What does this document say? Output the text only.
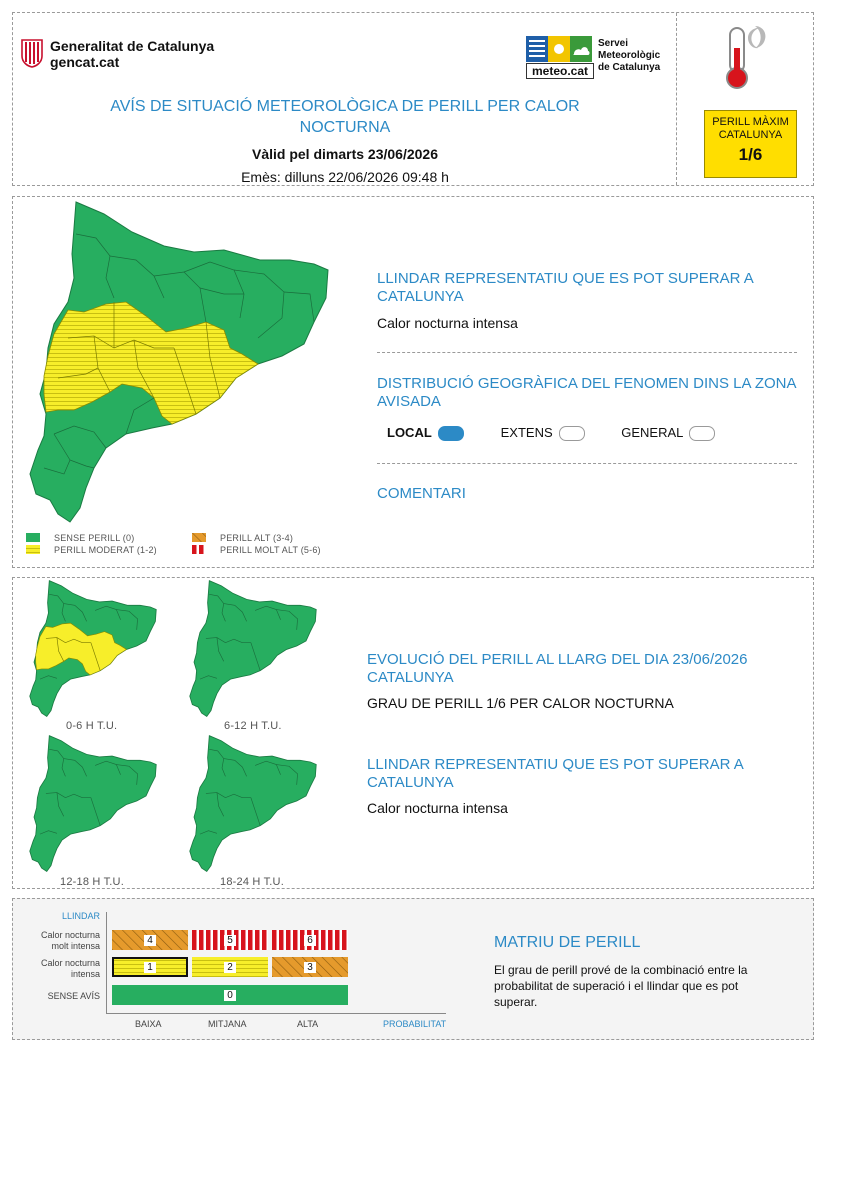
Generalitat de Catalunya
gencat.cat
meteo.cat
Servei
Meteorològic
de Catalunya
AVÍS DE SITUACIÓ METEOROLÒGICA DE PERILL PER CALOR
NOCTURNA
Vàlid pel dimarts 23/06/2026
Emès: dilluns 22/06/2026 09:48 h
PERILL MÀXIM
CATALUNYA
1/6
SENSE PERILL (0)
PERILL MODERAT (1-2)
PERILL ALT (3-4)
PERILL MOLT ALT (5-6)
LLINDAR REPRESENTATIU QUE ES POT SUPERAR A CATALUNYA
Calor nocturna intensa
DISTRIBUCIÓ GEOGRÀFICA DEL FENOMEN DINS LA ZONA AVISADA
LOCAL	EXTENS	GENERAL
COMENTARI
0-6 H T.U.	6-12 H T.U.
12-18 H T.U.	18-24 H T.U.
EVOLUCIÓ DEL PERILL AL LLARG DEL DIA 23/06/2026 CATALUNYA
GRAU DE PERILL 1/6 PER CALOR NOCTURNA
LLINDAR REPRESENTATIU QUE ES POT SUPERAR A CATALUNYA
Calor nocturna intensa
LLINDAR
Calor nocturna
molt intensa
Calor nocturna
intensa
SENSE AVÍS
4	5	6
1	2	3
0
BAIXA	MITJANA	ALTA	PROBABILITAT
MATRIU DE PERILL
El grau de perill prové de la combinació entre la probabilitat de superació i el llindar que es pot superar.
